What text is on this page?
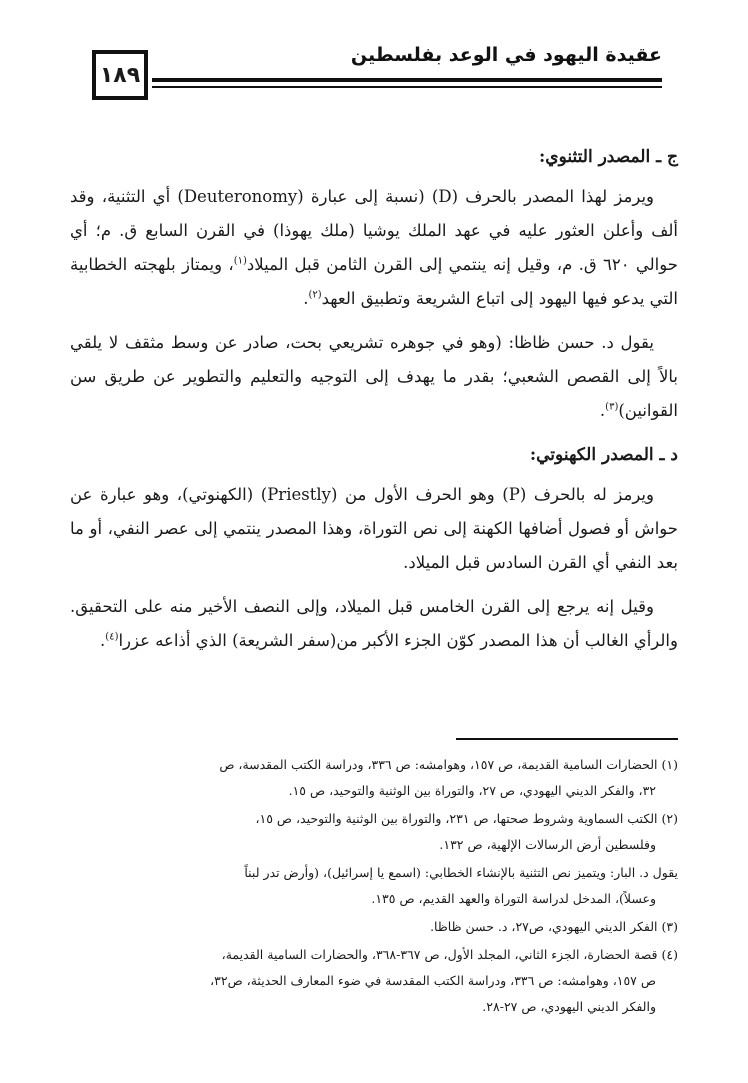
عقيدة اليهود في الوعد بفلسطين
١٨٩
ج ـ المصدر التثنوي:

ويرمز لهذا المصدر بالحرف (D) (نسبة إلى عبارة (Deuteronomy) أي التثنية، وقد ألف وأعلن العثور عليه في عهد الملك يوشيا (ملك يهوذا) في القرن السابع ق. م؛ أي حوالي ٦٢٠ ق. م، وقيل إنه ينتمي إلى القرن الثامن قبل الميلاد$^{(١)}$، ويمتاز بلهجته الخطابية التي يدعو فيها اليهود إلى اتباع الشريعة وتطبيق العهد$^{(٢)}$.

يقول د. حسن ظاظا: (وهو في جوهره تشريعي بحت، صادر عن وسط مثقف لا يلقي بالاً إلى القصص الشعبي؛ بقدر ما يهدف إلى التوجيه والتعليم والتطوير عن طريق سن القوانين)$^{(٣)}$.

د ـ المصدر الكهنوتي:

ويرمز له بالحرف (P) وهو الحرف الأول من (Priestly) (الكهنوتي)، وهو عبارة عن حواش أو فصول أضافها الكهنة إلى نص التوراة، وهذا المصدر ينتمي إلى عصر النفي، أو ما بعد النفي أي القرن السادس قبل الميلاد.

وقيل إنه يرجع إلى القرن الخامس قبل الميلاد، وإلى النصف الأخير منه على التحقيق. والرأي الغالب أن هذا المصدر كوّن الجزء الأكبر من(سفر الشريعة) الذي أذاعه عزرا$^{(٤)}$.

(١) الحضارات السامية القديمة، ص ١٥٧، وهوامشه: ص ٣٣٦، ودراسة الكتب المقدسة، ص
٣٢، والفكر الديني اليهودي، ص ٢٧، والتوراة بين الوثنية والتوحيد، ص ١٥.

(٢) الكتب السماوية وشروط صحتها، ص ٢٣١، والتوراة بين الوثنية والتوحيد، ص ١٥،
وفلسطين أرض الرسالات الإلهية، ص ١٣٢.

يقول د. البار: ويتميز نص التثنية بالإنشاء الخطابي: (اسمع يا إسرائيل)، (وأرض تدر لبناً
وعسلاً)، المدخل لدراسة التوراة والعهد القديم، ص ١٣٥.

(٣) الفكر الديني اليهودي، ص٢٧، د. حسن ظاظا.

(٤) قصة الحضارة، الجزء الثاني، المجلد الأول، ص ٣٦٧-٣٦٨، والحضارات السامية القديمة،
ص ١٥٧، وهوامشه: ص ٣٣٦، ودراسة الكتب المقدسة في ضوء المعارف الحديثة، ص٣٢،
والفكر الديني اليهودي، ص ٢٧-٢٨.
